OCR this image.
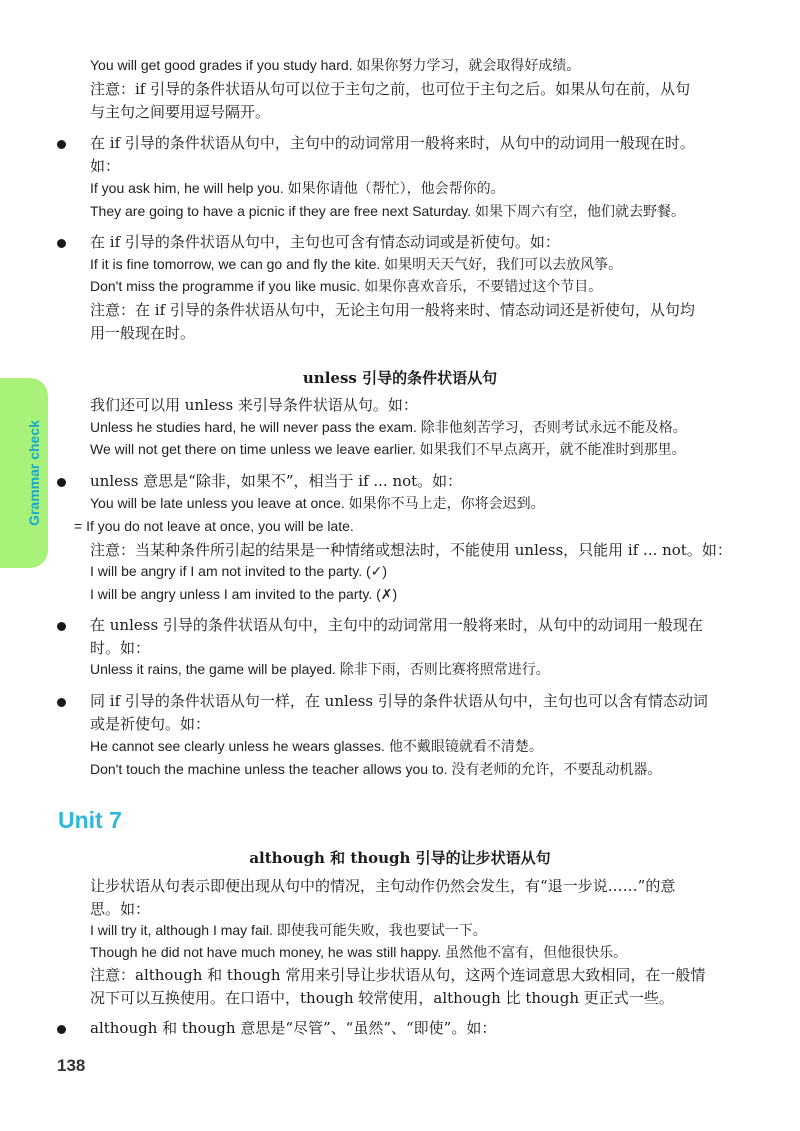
Grammar check
You will get good grades if you study hard. 如果你努力学习，就会取得好成绩。
注意：if 引导的条件状语从句可以位于主句之前，也可位于主句之后。如果从句在前，从句
与主句之间要用逗号隔开。
在 if 引导的条件状语从句中，主句中的动词常用一般将来时，从句中的动词用一般现在时。
如：
If you ask him, he will help you. 如果你请他（帮忙），他会帮你的。
They are going to have a picnic if they are free next Saturday. 如果下周六有空，他们就去野餐。
在 if 引导的条件状语从句中，主句也可含有情态动词或是祈使句。如：
If it is fine tomorrow, we can go and fly the kite. 如果明天天气好，我们可以去放风筝。
Don't miss the programme if you like music. 如果你喜欢音乐，不要错过这个节目。
注意：在 if 引导的条件状语从句中，无论主句用一般将来时、情态动词还是祈使句，从句均
用一般现在时。
我们还可以用 unless 来引导条件状语从句。如：
Unless he studies hard, he will never pass the exam. 除非他刻苦学习，否则考试永远不能及格。
We will not get there on time unless we leave earlier. 如果我们不早点离开，就不能准时到那里。
unless 意思是“除非，如果不”，相当于 if ... not。如：
You will be late unless you leave at once. 如果你不马上走，你将会迟到。
= If you do not leave at once, you will be late.
注意：当某种条件所引起的结果是一种情绪或想法时，不能使用 unless，只能用 if ... not。如：
I will be angry if I am not invited to the party. (✓)
I will be angry unless I am invited to the party. (✗)
在 unless 引导的条件状语从句中，主句中的动词常用一般将来时，从句中的动词用一般现在
时。如：
Unless it rains, the game will be played. 除非下雨，否则比赛将照常进行。
同 if 引导的条件状语从句一样，在 unless 引导的条件状语从句中，主句也可以含有情态动词
或是祈使句。如：
He cannot see clearly unless he wears glasses. 他不戴眼镜就看不清楚。
Don't touch the machine unless the teacher allows you to. 没有老师的允许，不要乱动机器。
让步状语从句表示即便出现从句中的情况，主句动作仍然会发生，有“退一步说……”的意
思。如：
I will try it, although I may fail. 即使我可能失败，我也要试一下。
Though he did not have much money, he was still happy. 虽然他不富有，但他很快乐。
注意：although 和 though 常用来引导让步状语从句，这两个连词意思大致相同，在一般情
况下可以互换使用。在口语中，though 较常使用，although 比 though 更正式一些。
although 和 though 意思是“尽管”、“虽然”、“即使”。如：
unless 引导的条件状语从句
although 和 though 引导的让步状语从句
Unit 7
138
